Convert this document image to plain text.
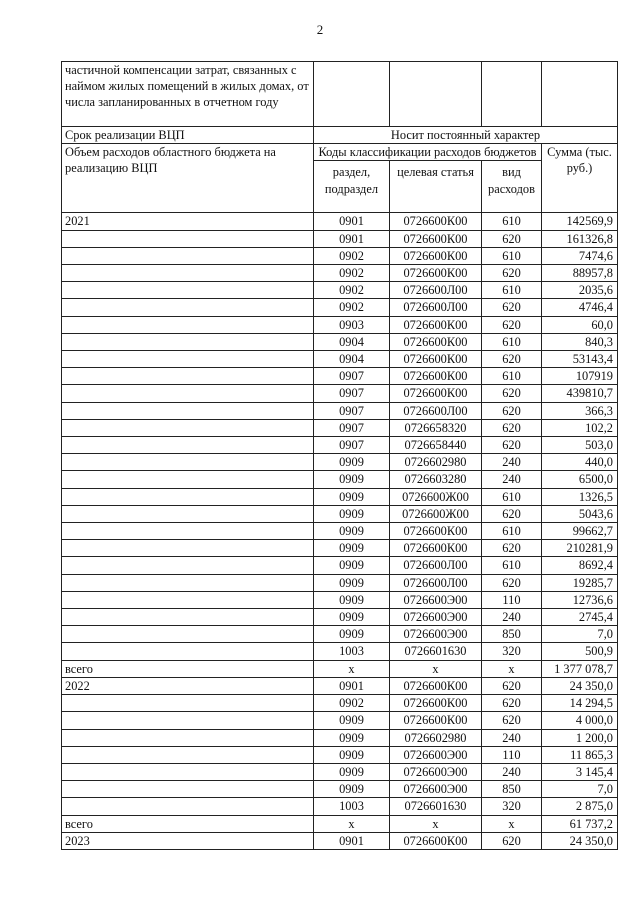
2
частичной компенсации затрат, связанных с наймом жилых помещений в жилых домах, от числа запланированных в отчетном году				
Срок реализации ВЦП	Носит постоянный характер			
Объем расходов областного бюджета на реализацию ВЦП	Коды классификации расходов бюджетов			Сумма (тыс. руб.)
	раздел, подраздел	целевая статья	вид расходов	
2021	0901	0726600К00	610	142569,9
	0901	0726600К00	620	161326,8
	0902	0726600К00	610	7474,6
	0902	0726600К00	620	88957,8
	0902	0726600Л00	610	2035,6
	0902	0726600Л00	620	4746,4
	0903	0726600К00	620	60,0
	0904	0726600К00	610	840,3
	0904	0726600К00	620	53143,4
	0907	0726600К00	610	107919
	0907	0726600К00	620	439810,7
	0907	0726600Л00	620	366,3
	0907	0726658320	620	102,2
	0907	0726658440	620	503,0
	0909	0726602980	240	440,0
	0909	0726603280	240	6500,0
	0909	0726600Ж00	610	1326,5
	0909	0726600Ж00	620	5043,6
	0909	0726600К00	610	99662,7
	0909	0726600К00	620	210281,9
	0909	0726600Л00	610	8692,4
	0909	0726600Л00	620	19285,7
	0909	0726600Э00	110	12736,6
	0909	0726600Э00	240	2745,4
	0909	0726600Э00	850	7,0
	1003	0726601630	320	500,9
всего	х	х	х	1 377 078,7
2022	0901	0726600К00	620	24 350,0
	0902	0726600К00	620	14 294,5
	0909	0726600К00	620	4 000,0
	0909	0726602980	240	1 200,0
	0909	0726600Э00	110	11 865,3
	0909	0726600Э00	240	3 145,4
	0909	0726600Э00	850	7,0
	1003	0726601630	320	2 875,0
всего	х	х	х	61 737,2
2023	0901	0726600К00	620	24 350,0
